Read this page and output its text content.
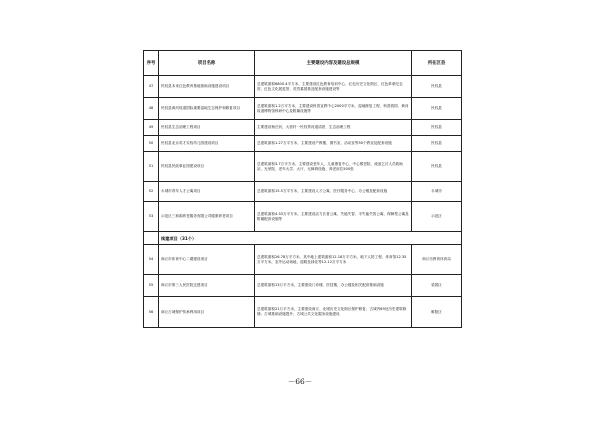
序号	项目名称	主要建设内容及建设总规模	所在区县
47	民权县本来红色教育基地基础设施建设项目	总建筑面积6800.4平方米，主要建设红色教育培训中心、红色历史文化街区、红色革命纪念馆、红色文化展览馆、英烈墓园基及配套设施建设等	民权县
48	民权县黄河故道国际重要湿地生态保护和修复项目	总建筑面积1.2万平方米，主要建设科普宣教中心2000平方米，湿地修复工程、科普游园、黄河故道博物馆科研中心及附属设施等	民权县
49	民权县生态治理工程项目	主要建设杨庄河、大营村一民权界河道清淤、生态治理工程	民权县
50	民权县北京英才实验幼儿园建设项目	总建筑面积1.27万平方米，主要建设产教楼、图书室、活动室等50个教室及配套设施	民权县
51	民权县民政事业园建设项目	总建筑面积3.7万平方米，主要建设老年人、儿童康复中心、中心敬老院、流浪乞讨人员救助站、光荣院、老年大学、大厅、无障碍设施、养老床位500张	民权县
52	永城市青年人才公寓项目	总建筑面积15.5万平方米，主要建设人才公寓、医疗服务中心、办公楼及配套设施	永城市
53	示范区三和源养老服务有限公司健康养老项目	总建筑面积4.33万平方米，主要建设活力长者公寓、失能失智、半失能失智公寓、保障型公寓及附属配套设施等	示范区
	续建项目（31个）		
54	商丘市体育中心二期建设项目	总建筑面积26.78万平方米，其中地上建筑面积12.18万平方米，地下人防工程、体育馆12.35万平方米，室外运动场地、道路及绿化等12.12万平方米	商丘市教育体育局
55	商丘市第三人民医院迁建项目	总建筑面积13万平方米，主要建设门诊楼、医技楼、办公楼及相关配套基础设施	梁园区
56	商丘古城保护传承利用项目	总建筑面积21万平方米，主要建设商丘、北城历史文化街区保护修复；古城内69处历史建筑修缮；古城基础设施提升；古城公共文化服务设施建设	睢阳区
－66－
